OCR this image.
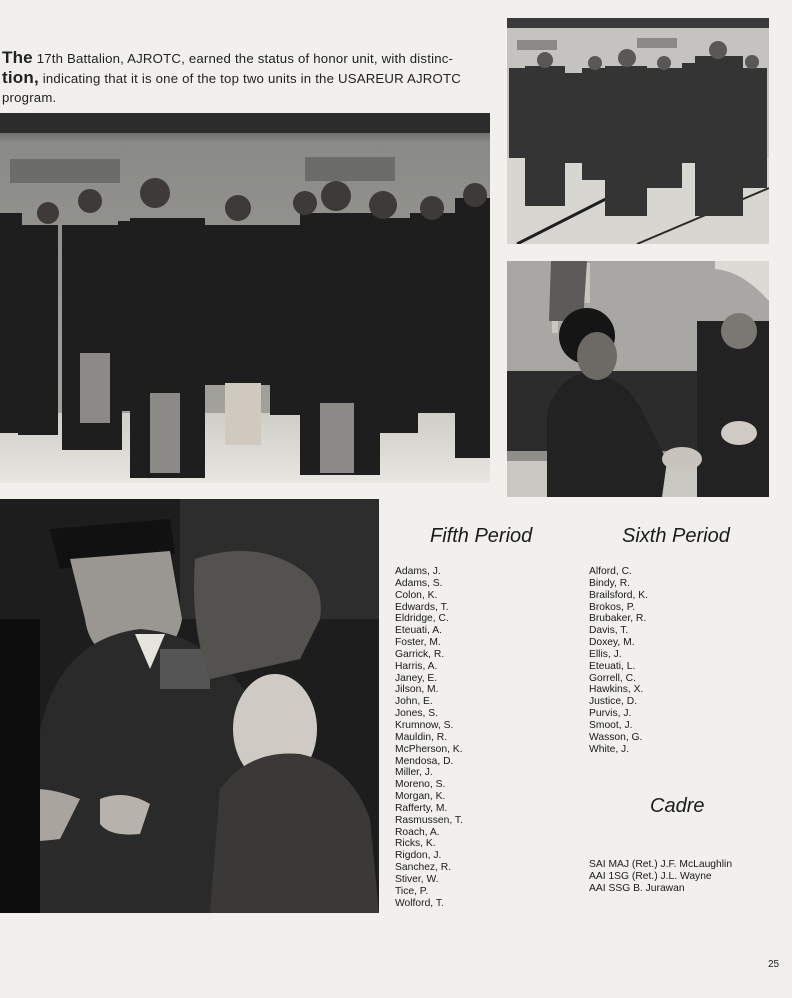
The 17th Battalion, AJROTC, earned the status of honor unit, with distinc-
tion, indicating that it is one of the top two units in the USAREUR AJROTC
program.

Fifth Period
Adams, J.
Adams, S.
Colon, K.
Edwards, T.
Eldridge, C.
Eteuati, A.
Foster, M.
Garrick, R.
Harris, A.
Janey, E.
Jilson, M.
John, E.
Jones, S.
Krumnow, S.
Mauldin, R.
McPherson, K.
Mendosa, D.
Miller, J.
Moreno, S.
Morgan, K.
Rafferty, M.
Rasmussen, T.
Roach, A.
Ricks, K.
Rigdon, J.
Sanchez, R.
Stiver, W.
Tice, P.
Wolford, T.
Sixth Period
Alford, C.
Bindy, R.
Brailsford, K.
Brokos, P.
Brubaker, R.
Davis, T.
Doxey, M.
Ellis, J.
Eteuati, L.
Gorrell, C.
Hawkins, X.
Justice, D.
Purvis, J.
Smoot, J.
Wasson, G.
White, J.
Cadre
SAI MAJ (Ret.) J.F. McLaughlin
AAI 1SG (Ret.) J.L. Wayne
AAI SSG B. Jurawan
25
